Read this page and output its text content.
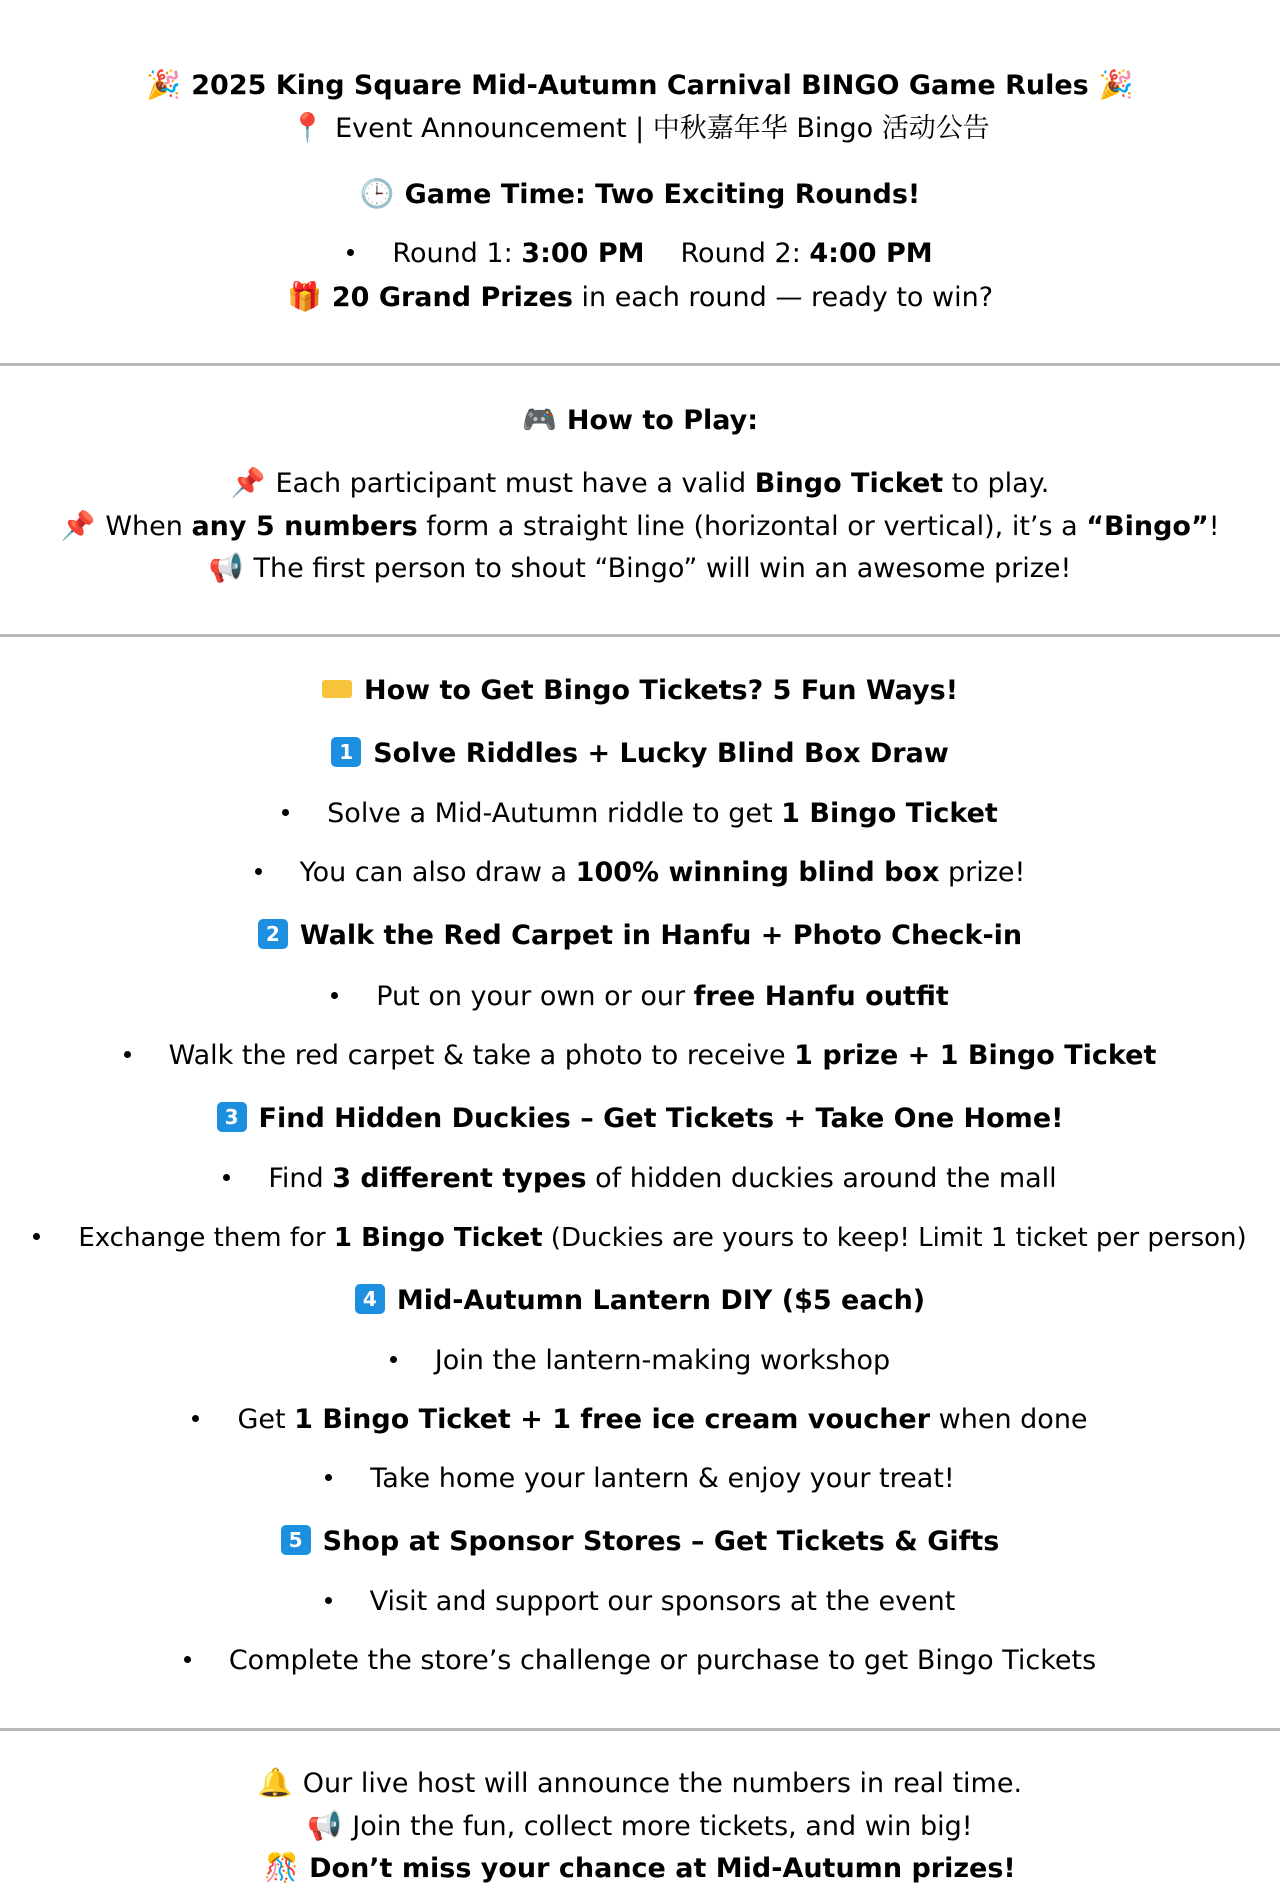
🎉 2025 King Square Mid-Autumn Carnival BINGO Game Rules 🎉
📍 Event Announcement | 中秋嘉年华 Bingo 活动公告
🕒 Game Time: Two Exciting Rounds!
Round 1: 3:00 PM Round 2: 4:00 PM
🎁 20 Grand Prizes in each round — ready to win?
🎮 How to Play:
📌 Each participant must have a valid Bingo Ticket to play.
📌 When any 5 numbers form a straight line (horizontal or vertical), it’s a “Bingo”!
📢 The first person to shout “Bingo” will win an awesome prize!
How to Get Bingo Tickets? 5 Fun Ways!
1 Solve Riddles + Lucky Blind Box Draw
Solve a Mid-Autumn riddle to get 1 Bingo Ticket
You can also draw a 100% winning blind box prize!
2 Walk the Red Carpet in Hanfu + Photo Check-in
Put on your own or our free Hanfu outfit
Walk the red carpet & take a photo to receive 1 prize + 1 Bingo Ticket
3 Find Hidden Duckies – Get Tickets + Take One Home!
Find 3 different types of hidden duckies around the mall
Exchange them for 1 Bingo Ticket (Duckies are yours to keep! Limit 1 ticket per person)
4 Mid-Autumn Lantern DIY ($5 each)
Join the lantern-making workshop
Get 1 Bingo Ticket + 1 free ice cream voucher when done
Take home your lantern & enjoy your treat!
5 Shop at Sponsor Stores – Get Tickets & Gifts
Visit and support our sponsors at the event
Complete the store’s challenge or purchase to get Bingo Tickets
🔔 Our live host will announce the numbers in real time.
📢 Join the fun, collect more tickets, and win big!
🎊 Don’t miss your chance at Mid-Autumn prizes!
